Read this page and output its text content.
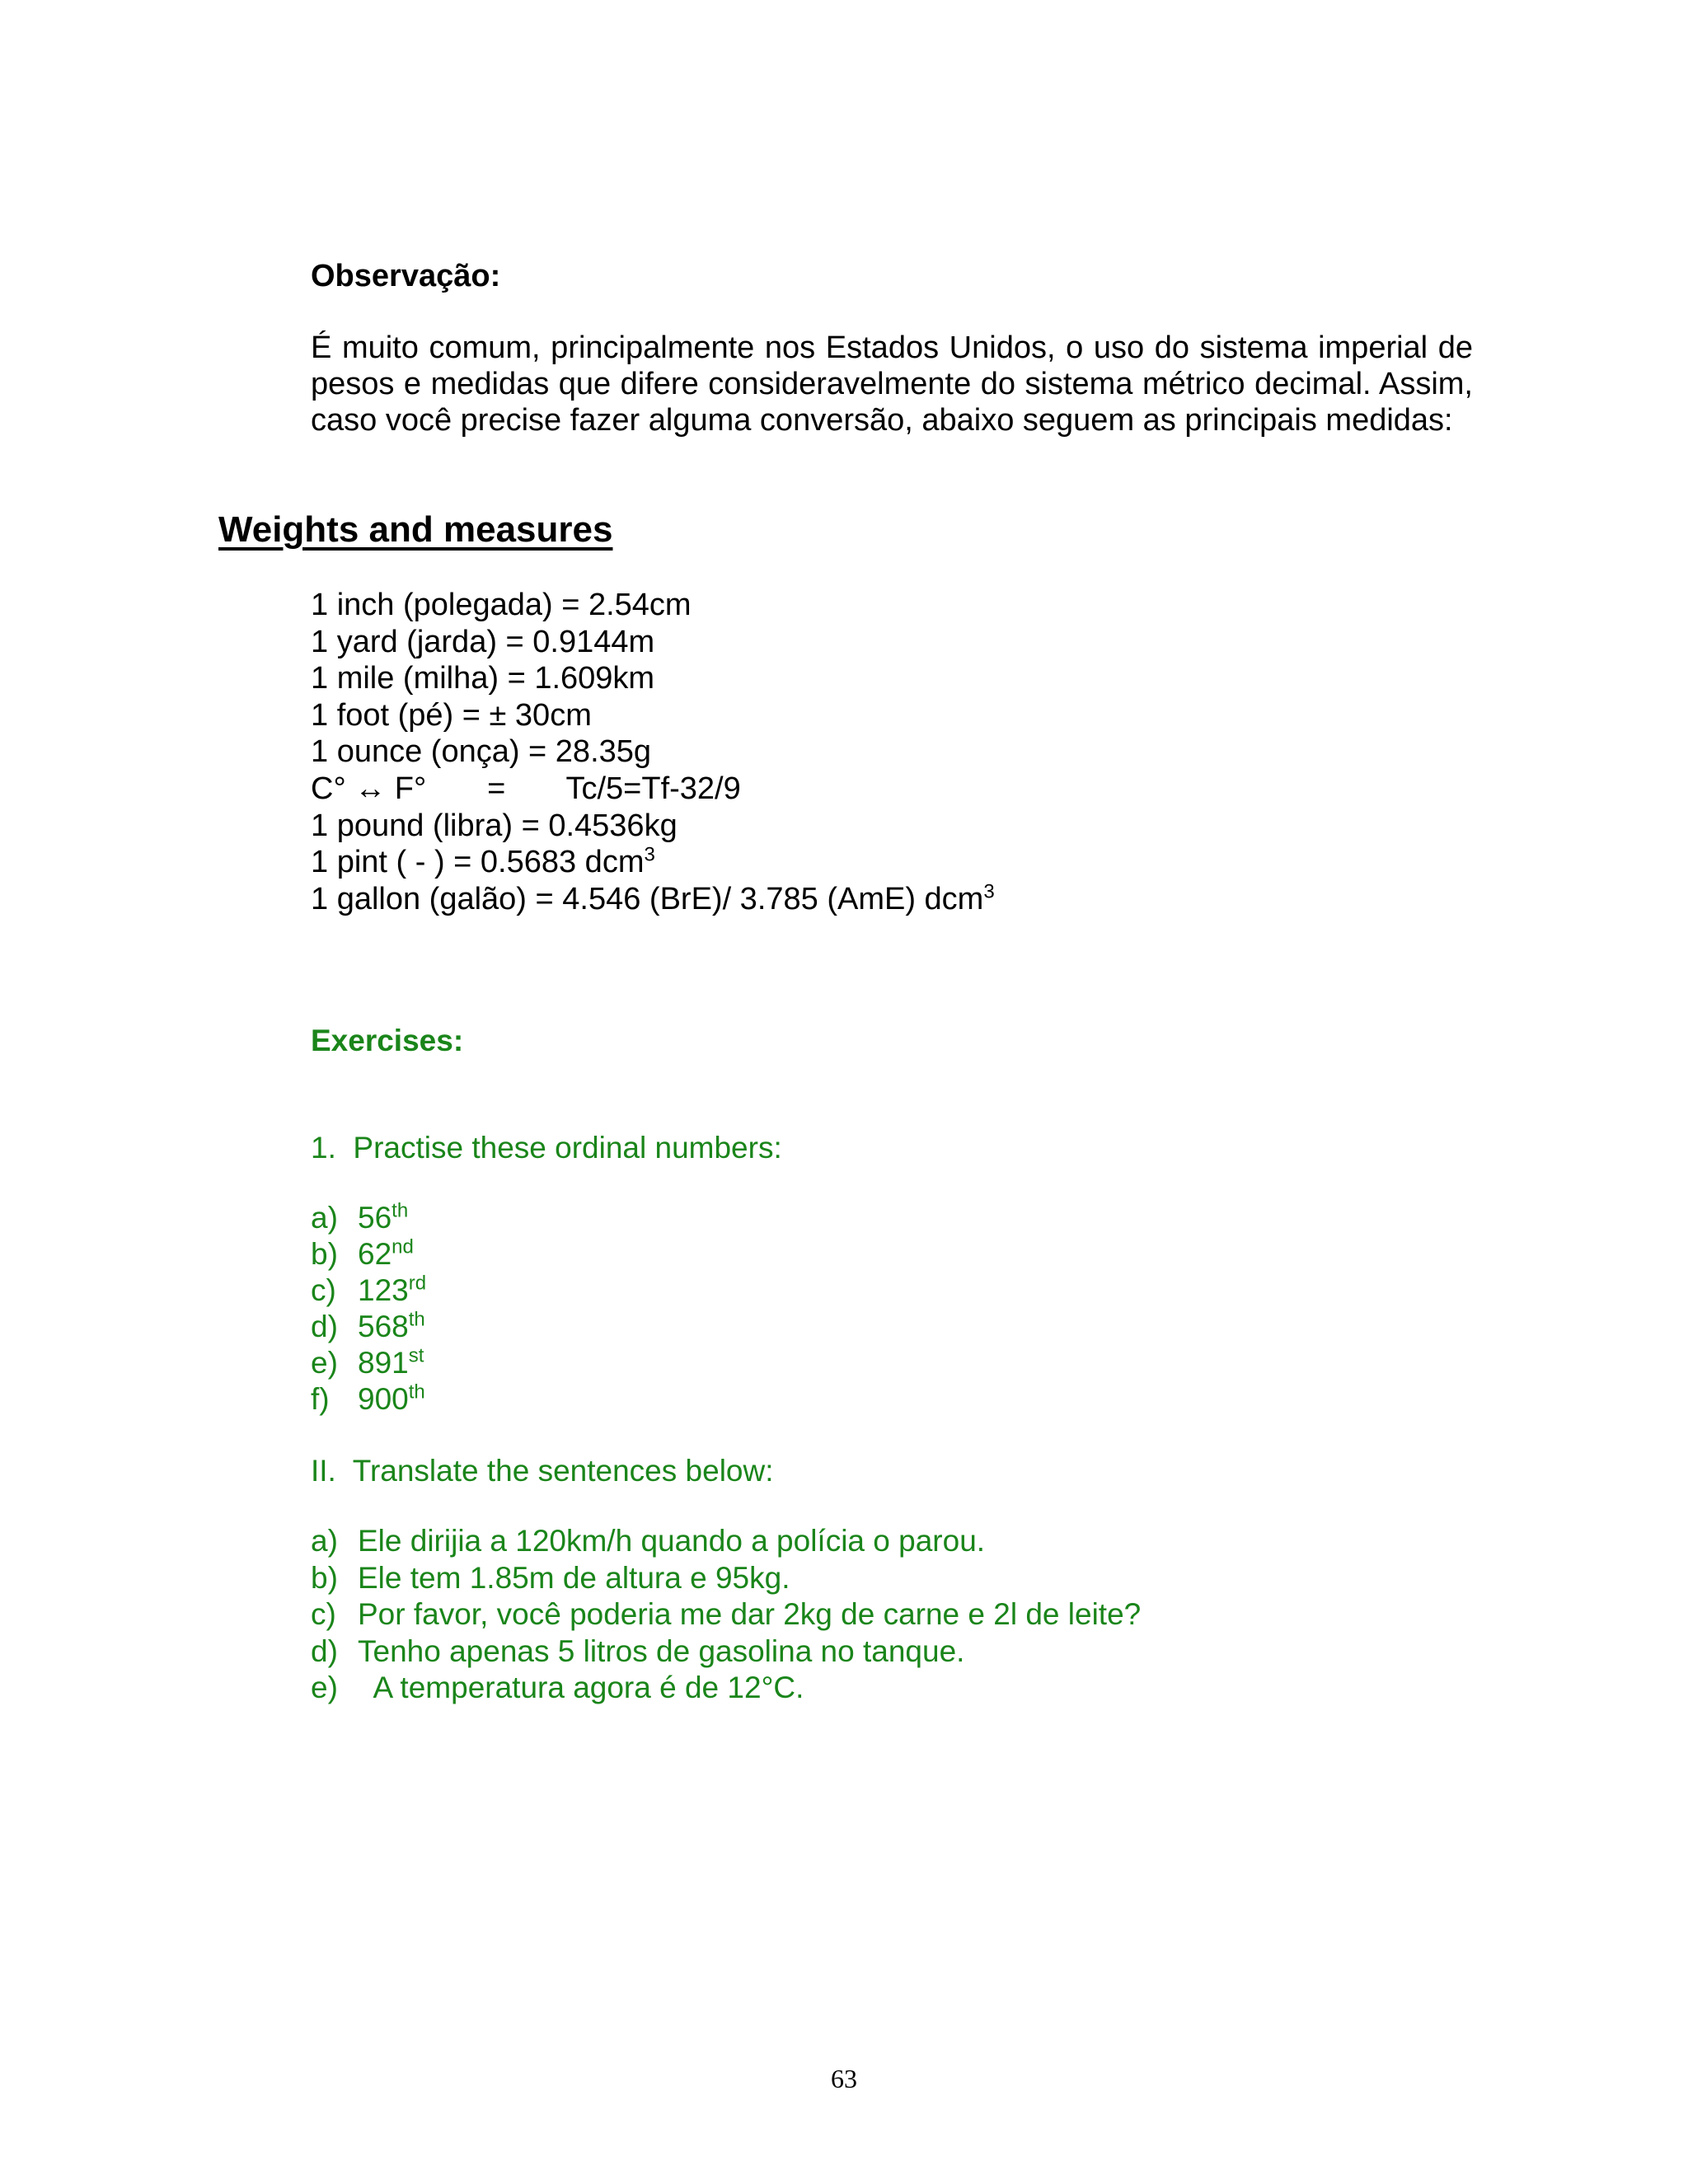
Observação:
É muito comum, principalmente nos Estados Unidos, o uso do sistema imperial de
pesos e medidas que difere consideravelmente do sistema métrico decimal. Assim,
caso você precise fazer alguma conversão, abaixo seguem as principais medidas:
Weights and measures
1 inch (polegada) = 2.54cm
1 yard (jarda) = 0.9144m
1 mile (milha) = 1.609km
1 foot (pé) = ± 30cm
1 ounce (onça) = 28.35g
C° ↔ F°       =       Tc/5=Tf-32/9
1 pound (libra) = 0.4536kg
1 pint ( - ) = 0.5683 dcm$^3$
1 gallon (galão) = 4.546 (BrE)/ 3.785 (AmE) dcm$^3$
Exercises:
1.  Practise these ordinal numbers:
a) 56th
b) 62nd
c) 123rd
d) 568th
e) 891st
f) 900th
II.  Translate the sentences below:
a) Ele dirijia a 120km/h quando a polícia o parou.
b) Ele tem 1.85m de altura e 95kg.
c) Por favor, você poderia me dar 2kg de carne e 2l de leite?
d) Tenho apenas 5 litros de gasolina no tanque.
e)  A temperatura agora é de 12°C.
63
